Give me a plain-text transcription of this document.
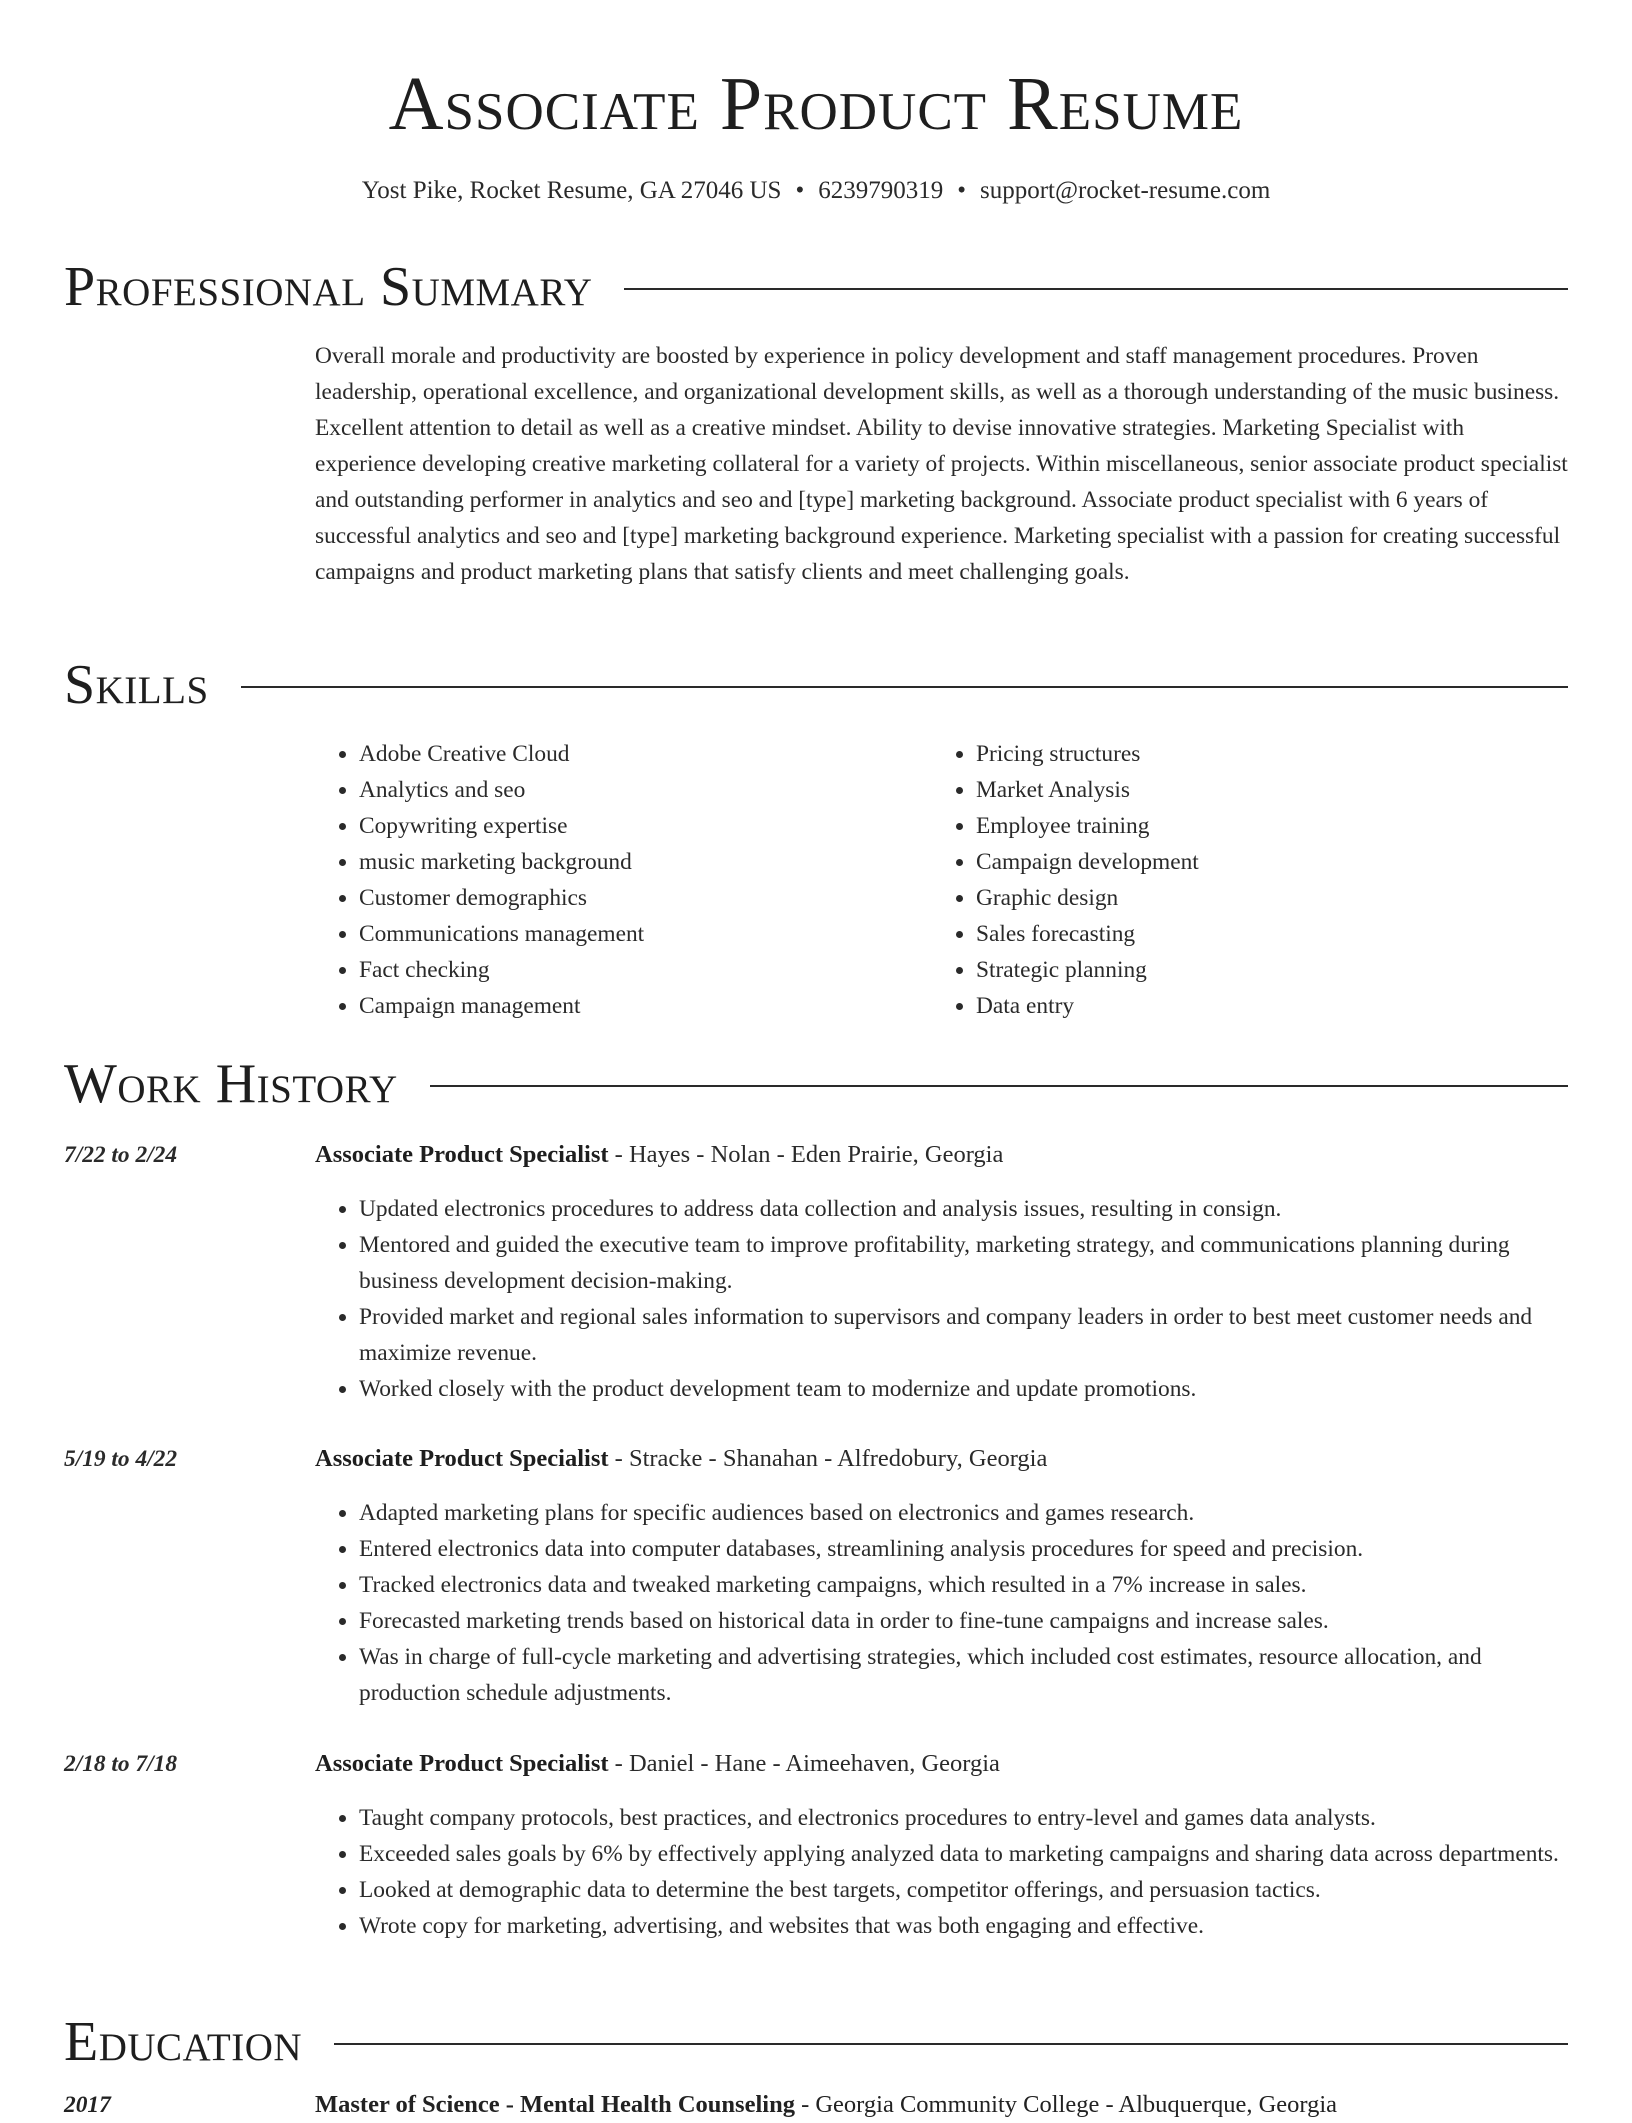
Associate Product Resume
Yost Pike, Rocket Resume, GA 27046 US • 6239790319 • support@rocket-resume.com
Professional Summary

Overall morale and productivity are boosted by experience in policy development and staff management procedures. Proven leadership, operational excellence, and organizational development skills, as well as a thorough understanding of the music business. Excellent attention to detail as well as a creative mindset. Ability to devise innovative strategies. Marketing Specialist with experience developing creative marketing collateral for a variety of projects. Within miscellaneous, senior associate product specialist and outstanding performer in analytics and seo and [type] marketing background. Associate product specialist with 6 years of successful analytics and seo and [type] marketing background experience. Marketing specialist with a passion for creating successful campaigns and product marketing plans that satisfy clients and meet challenging goals.

Skills
• Adobe Creative Cloud
• Analytics and seo
• Copywriting expertise
• music marketing background
• Customer demographics
• Communications management
• Fact checking
• Campaign management
• Pricing structures
• Market Analysis
• Employee training
• Campaign development
• Graphic design
• Sales forecasting
• Strategic planning
• Data entry
Work History
7/22 to 2/24	Associate Product Specialist - Hayes - Nolan - Eden Prairie, Georgia
• Updated electronics procedures to address data collection and analysis issues, resulting in consign.
• Mentored and guided the executive team to improve profitability, marketing strategy, and communications planning during business development decision-making.
• Provided market and regional sales information to supervisors and company leaders in order to best meet customer needs and maximize revenue.
• Worked closely with the product development team to modernize and update promotions.
5/19 to 4/22	Associate Product Specialist - Stracke - Shanahan - Alfredobury, Georgia
• Adapted marketing plans for specific audiences based on electronics and games research.
• Entered electronics data into computer databases, streamlining analysis procedures for speed and precision.
• Tracked electronics data and tweaked marketing campaigns, which resulted in a 7% increase in sales.
• Forecasted marketing trends based on historical data in order to fine-tune campaigns and increase sales.
• Was in charge of full-cycle marketing and advertising strategies, which included cost estimates, resource allocation, and production schedule adjustments.
2/18 to 7/18	Associate Product Specialist - Daniel - Hane - Aimeehaven, Georgia
• Taught company protocols, best practices, and electronics procedures to entry-level and games data analysts.
• Exceeded sales goals by 6% by effectively applying analyzed data to marketing campaigns and sharing data across departments.
• Looked at demographic data to determine the best targets, competitor offerings, and persuasion tactics.
• Wrote copy for marketing, advertising, and websites that was both engaging and effective.
Education
2017	Master of Science - Mental Health Counseling - Georgia Community College - Albuquerque, Georgia
